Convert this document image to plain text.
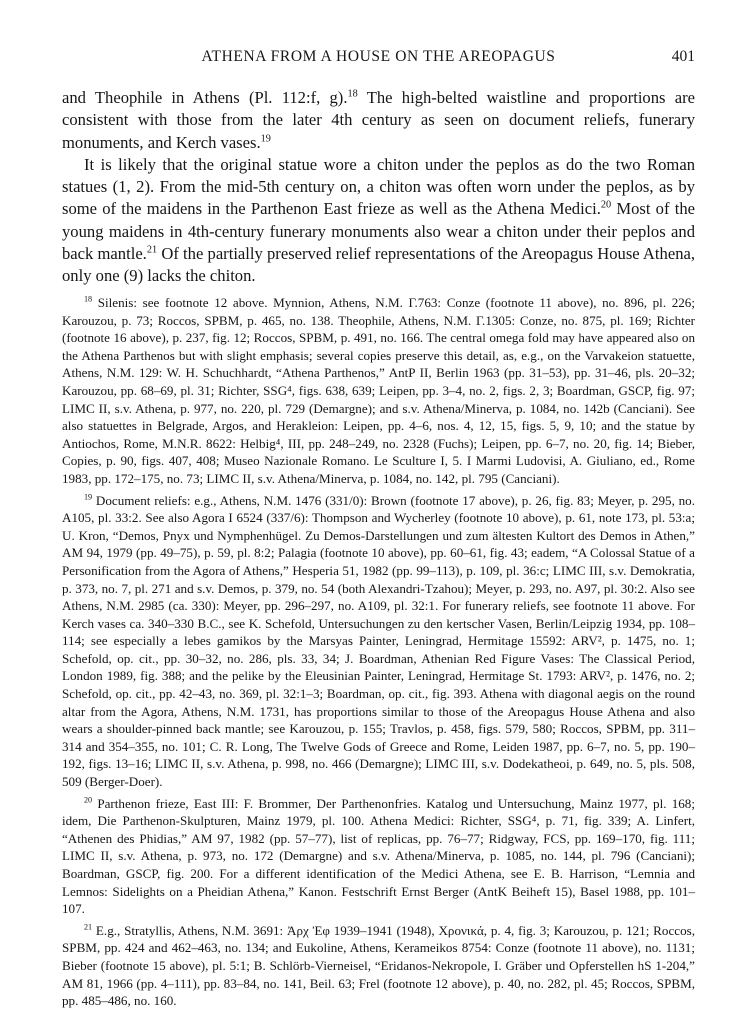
ATHENA FROM A HOUSE ON THE AREOPAGUS	401

and Theophile in Athens (Pl. 112:f, g).$^{18}$ The high-belted waistline and proportions are consistent with those from the later 4th century as seen on document reliefs, funerary monuments, and Kerch vases.$^{19}$

It is likely that the original statue wore a chiton under the peplos as do the two Roman statues (1, 2). From the mid-5th century on, a chiton was often worn under the peplos, as by some of the maidens in the Parthenon East frieze as well as the Athena Medici.$^{20}$ Most of the young maidens in 4th-century funerary monuments also wear a chiton under their peplos and back mantle.$^{21}$ Of the partially preserved relief representations of the Areopagus House Athena, only one (9) lacks the chiton.

$^{18}$ Silenis: see footnote 12 above. Mynnion, Athens, N.M. Γ.763: Conze (footnote 11 above), no. 896, pl. 226; Karouzou, p. 73; Roccos, SPBM, p. 465, no. 138. Theophile, Athens, N.M. Γ.1305: Conze, no. 875, pl. 169; Richter (footnote 16 above), p. 237, fig. 12; Roccos, SPBM, p. 491, no. 166. The central omega fold may have appeared also on the Athena Parthenos but with slight emphasis; several copies preserve this detail, as, e.g., on the Varvakeion statuette, Athens, N.M. 129: W. H. Schuchhardt, “Athena Parthenos,” AntP II, Berlin 1963 (pp. 31–53), pp. 31–46, pls. 20–32; Karouzou, pp. 68–69, pl. 31; Richter, SSG⁴, figs. 638, 639; Leipen, pp. 3–4, no. 2, figs. 2, 3; Boardman, GSCP, fig. 97; LIMC II, s.v. Athena, p. 977, no. 220, pl. 729 (Demargne); and s.v. Athena/Minerva, p. 1084, no. 142b (Canciani). See also statuettes in Belgrade, Argos, and Herakleion: Leipen, pp. 4–6, nos. 4, 12, 15, figs. 5, 9, 10; and the statue by Antiochos, Rome, M.N.R. 8622: Helbig⁴, III, pp. 248–249, no. 2328 (Fuchs); Leipen, pp. 6–7, no. 20, fig. 14; Bieber, Copies, p. 90, figs. 407, 408; Museo Nazionale Romano. Le Sculture I, 5. I Marmi Ludovisi, A. Giuliano, ed., Rome 1983, pp. 172–175, no. 73; LIMC II, s.v. Athena/Minerva, p. 1084, no. 142, pl. 795 (Canciani).

$^{19}$ Document reliefs: e.g., Athens, N.M. 1476 (331/0): Brown (footnote 17 above), p. 26, fig. 83; Meyer, p. 295, no. A105, pl. 33:2. See also Agora I 6524 (337/6): Thompson and Wycherley (footnote 10 above), p. 61, note 173, pl. 53:a; U. Kron, “Demos, Pnyx und Nymphenhügel. Zu Demos-Darstellungen und zum ältesten Kultort des Demos in Athen,” AM 94, 1979 (pp. 49–75), p. 59, pl. 8:2; Palagia (footnote 10 above), pp. 60–61, fig. 43; eadem, “A Colossal Statue of a Personification from the Agora of Athens,” Hesperia 51, 1982 (pp. 99–113), p. 109, pl. 36:c; LIMC III, s.v. Demokratia, p. 373, no. 7, pl. 271 and s.v. Demos, p. 379, no. 54 (both Alexandri-Tzahou); Meyer, p. 293, no. A97, pl. 30:2. Also see Athens, N.M. 2985 (ca. 330): Meyer, pp. 296–297, no. A109, pl. 32:1. For funerary reliefs, see footnote 11 above. For Kerch vases ca. 340–330 B.C., see K. Schefold, Untersuchungen zu den kertscher Vasen, Berlin/Leipzig 1934, pp. 108–114; see especially a lebes gamikos by the Marsyas Painter, Leningrad, Hermitage 15592: ARV², p. 1475, no. 1; Schefold, op. cit., pp. 30–32, no. 286, pls. 33, 34; J. Boardman, Athenian Red Figure Vases: The Classical Period, London 1989, fig. 388; and the pelike by the Eleusinian Painter, Leningrad, Hermitage St. 1793: ARV², p. 1476, no. 2; Schefold, op. cit., pp. 42–43, no. 369, pl. 32:1–3; Boardman, op. cit., fig. 393. Athena with diagonal aegis on the round altar from the Agora, Athens, N.M. 1731, has proportions similar to those of the Areopagus House Athena and also wears a shoulder-pinned back mantle; see Karouzou, p. 155; Travlos, p. 458, figs. 579, 580; Roccos, SPBM, pp. 311–314 and 354–355, no. 101; C. R. Long, The Twelve Gods of Greece and Rome, Leiden 1987, pp. 6–7, no. 5, pp. 190–192, figs. 13–16; LIMC II, s.v. Athena, p. 998, no. 466 (Demargne); LIMC III, s.v. Dodekatheoi, p. 649, no. 5, pls. 508, 509 (Berger-Doer).

$^{20}$ Parthenon frieze, East III: F. Brommer, Der Parthenonfries. Katalog und Untersuchung, Mainz 1977, pl. 168; idem, Die Parthenon-Skulpturen, Mainz 1979, pl. 100. Athena Medici: Richter, SSG⁴, p. 71, fig. 339; A. Linfert, “Athenen des Phidias,” AM 97, 1982 (pp. 57–77), list of replicas, pp. 76–77; Ridgway, FCS, pp. 169–170, fig. 111; LIMC II, s.v. Athena, p. 973, no. 172 (Demargne) and s.v. Athena/Minerva, p. 1085, no. 144, pl. 796 (Canciani); Boardman, GSCP, fig. 200. For a different identification of the Medici Athena, see E. B. Harrison, “Lemnia and Lemnos: Sidelights on a Pheidian Athena,” Kanon. Festschrift Ernst Berger (AntK Beiheft 15), Basel 1988, pp. 101–107.

$^{21}$ E.g., Stratyllis, Athens, N.M. 3691: Ἀρχ Ἐφ 1939–1941 (1948), Χρονικά, p. 4, fig. 3; Karouzou, p. 121; Roccos, SPBM, pp. 424 and 462–463, no. 134; and Eukoline, Athens, Kerameikos 8754: Conze (footnote 11 above), no. 1131; Bieber (footnote 15 above), pl. 5:1; B. Schlörb-Vierneisel, “Eridanos-Nekropole, I. Gräber und Opferstellen hS 1-204,” AM 81, 1966 (pp. 4–111), pp. 83–84, no. 141, Beil. 63; Frel (footnote 12 above), p. 40, no. 282, pl. 45; Roccos, SPBM, pp. 485–486, no. 160.
